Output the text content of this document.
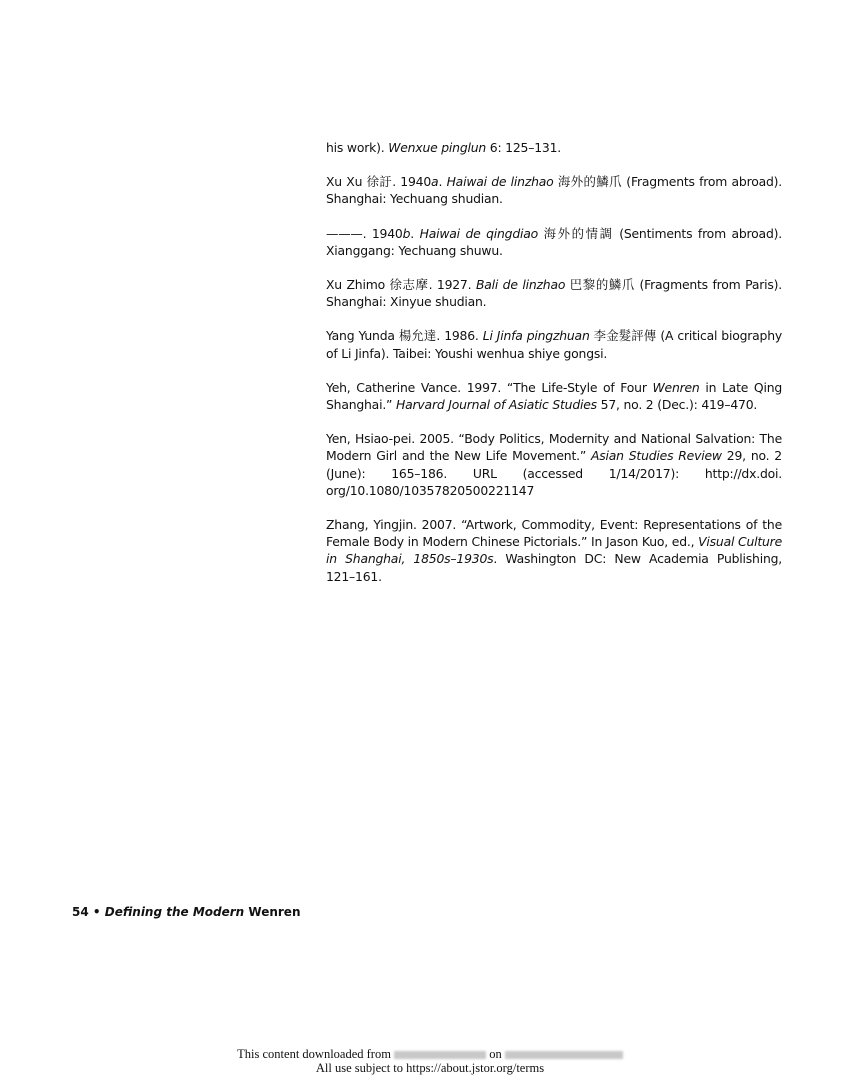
his work). Wenxue pinglun 6: 125–131.

Xu Xu 徐訏. 1940a. Haiwai de linzhao 海外的鱗爪 (Fragments from abroad). Shanghai: Yechuang shudian.

———. 1940b. Haiwai de qingdiao 海外的情調 (Sentiments from abroad). Xianggang: Yechuang shuwu.

Xu Zhimo 徐志摩. 1927. Bali de linzhao 巴黎的鱗爪 (Fragments from Paris). Shanghai: Xinyue shudian.

Yang Yunda 楊允達. 1986. Li Jinfa pingzhuan 李金髮評傳 (A critical biography of Li Jinfa). Taibei: Youshi wenhua shiye gongsi.

Yeh, Catherine Vance. 1997. “The Life-Style of Four Wenren in Late Qing Shanghai.” Harvard Journal of Asiatic Studies 57, no. 2 (Dec.): 419–470.

Yen, Hsiao-pei. 2005. “Body Politics, Modernity and National Salvation: The Modern Girl and the New Life Movement.” Asian Studies Review 29, no. 2 (June): 165–186. URL (accessed 1/14/2017): http://dx.doi. org/10.1080/10357820500221147

Zhang, Yingjin. 2007. “Artwork, Commodity, Event: Representations of the Female Body in Modern Chinese Pictorials.” In Jason Kuo, ed., Visual Culture in Shanghai, 1850s–1930s. Washington DC: New Academia Publishing, 121–161.

54 • Defining the Modern Wenren
This content downloaded from	on
All use subject to https://about.jstor.org/terms
